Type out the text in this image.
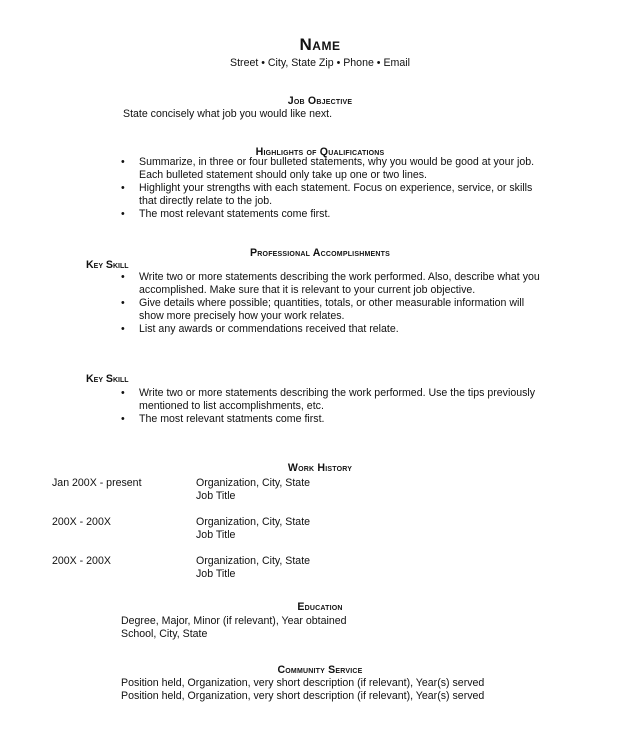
Name
Street • City, State Zip • Phone • Email
Job Objective
State concisely what job you would like next.
Highlights of Qualifications
• Summarize, in three or four bulleted statements, why you would be good at your job.
Each bulleted statement should only take up one or two lines.
• Highlight your strengths with each statement. Focus on experience, service, or skills
that directly relate to the job.
• The most relevant statements come first.
Professional Accomplishments
Key Skill
• Write two or more statements describing the work performed. Also, describe what you
accomplished. Make sure that it is relevant to your current job objective.
• Give details where possible; quantities, totals, or other measurable information will
show more precisely how your work relates.
• List any awards or commendations received that relate.
Key Skill
• Write two or more statements describing the work performed. Use the tips previously
mentioned to list accomplishments, etc.
• The most relevant statments come first.
Work History
Jan 200X - present	Organization, City, State
Job Title
200X - 200X	Organization, City, State
Job Title
200X - 200X	Organization, City, State
Job Title
Education
Degree, Major, Minor (if relevant), Year obtained
School, City, State
Community Service
Position held, Organization, very short description (if relevant), Year(s) served
Position held, Organization, very short description (if relevant), Year(s) served
